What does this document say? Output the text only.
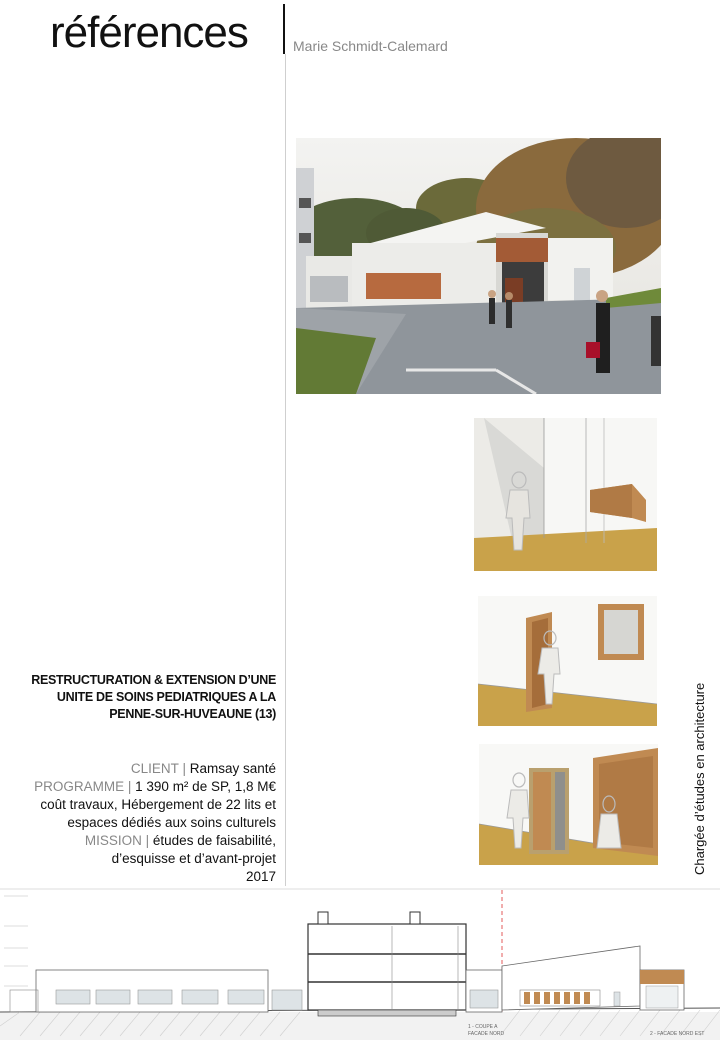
références	Marie Schmidt-Calemard
Chargée d’études en architecture
RESTRUCTURATION & EXTENSION D’UNE UNITE DE SOINS PEDIATRIQUES A LA PENNE-SUR-HUVEAUNE (13)
CLIENT | Ramsay santé
PROGRAMME | 1 390 m² de SP, 1,8 M€ coût travaux, Hébergement de 22 lits et espaces dédiés aux soins culturels
MISSION | études de faisabilité, d’esquisse et d’avant-projet
2017
1 - COUPE A
FACADE NORD	2 - FACADE NORD EST
